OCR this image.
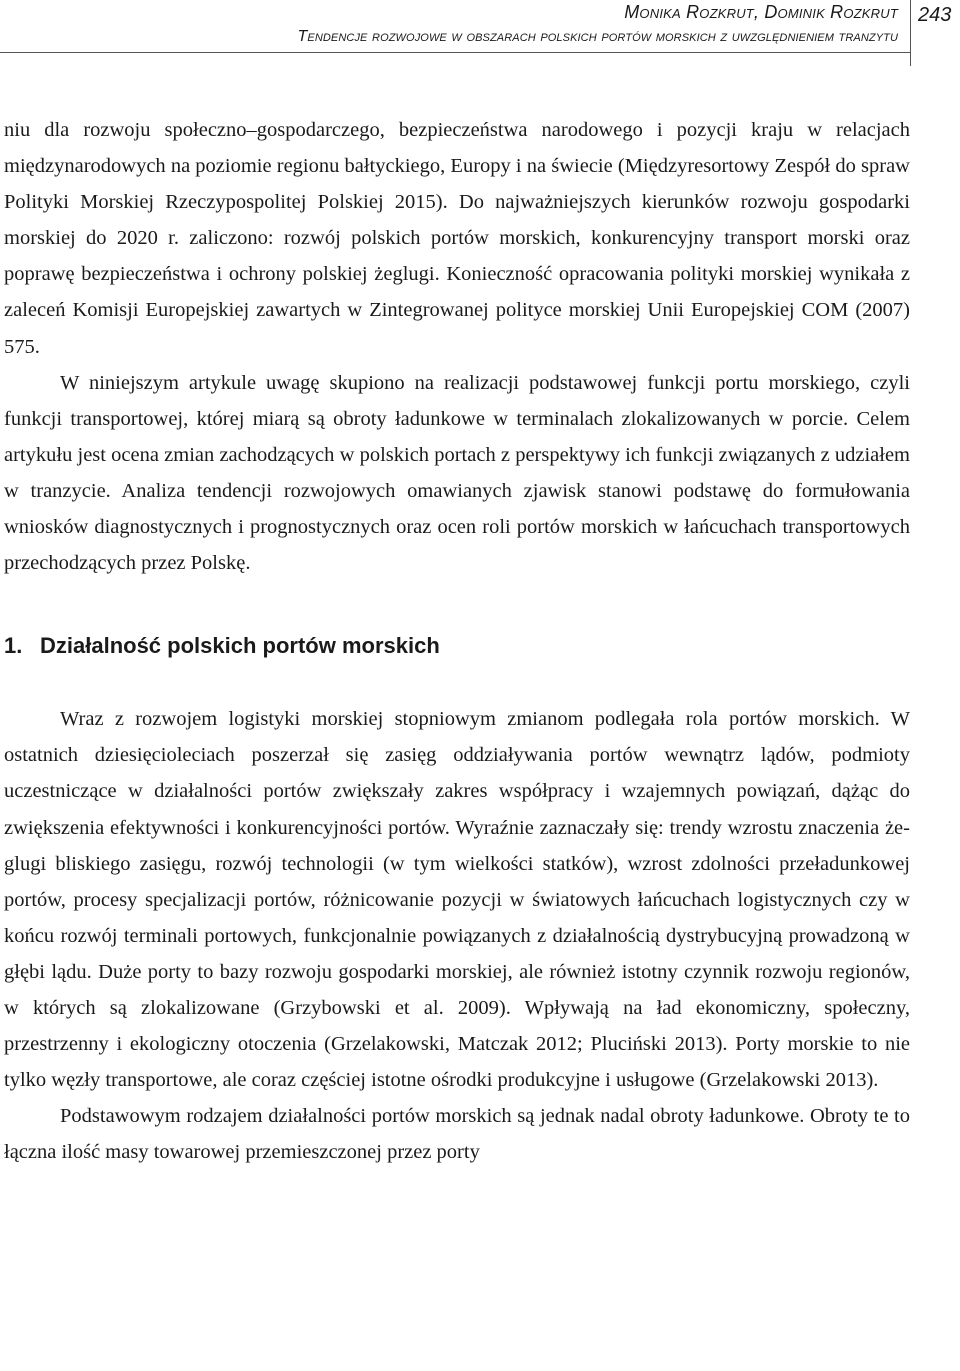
Monika Rozkrut, Dominik Rozkrut
Tendencje rozwojowe w obszarach polskich portów morskich z uwzględnieniem tranzytu
243

niu dla rozwoju społeczno–gospodarczego, bezpieczeństwa narodowego i pozycji kraju w relacjach międzynarodowych na poziomie regionu bałtyckiego, Europy i na świecie (Międzyresortowy Zespół do spraw Polityki Morskiej Rzeczypospolitej Polskiej 2015). Do najważniejszych kierunków rozwoju gospodarki morskiej do 2020 r. zaliczono: rozwój polskich portów morskich, konkurencyjny transport morski oraz poprawę bezpieczeństwa i ochrony polskiej żeglugi. Konieczność opracowania polityki morskiej wynikała z zaleceń Komisji Europejskiej zawartych w Zintegrowanej polityce morskiej Unii Europejskiej COM (2007) 575.

W niniejszym artykule uwagę skupiono na realizacji podstawowej funkcji portu morskiego, czyli funkcji transportowej, której miarą są obroty ładunkowe w terminalach zlokalizowanych w porcie. Celem artykułu jest ocena zmian zachodzących w polskich portach z perspektywy ich funkcji związanych z udziałem w tranzycie. Analiza tendencji rozwojowych omawianych zjawisk stanowi podstawę do formułowania wniosków diagnostycznych i prognostycznych oraz ocen roli portów morskich w łańcuchach transportowych przechodzących przez Polskę.

1. Działalność polskich portów morskich

Wraz z rozwojem logistyki morskiej stopniowym zmianom podlegała rola portów morskich. W ostatnich dziesięcioleciach poszerzał się zasięg oddziaływania portów wewnątrz lądów, podmioty uczestniczące w działalności portów zwiększały zakres współpracy i wzajemnych powiązań, dążąc do zwiększenia efektywności i konkurencyjności portów. Wyraźnie zaznaczały się: trendy wzrostu znaczenia żeglugi bliskiego zasięgu, rozwój technologii (w tym wielkości statków), wzrost zdolności przeładunkowej portów, procesy specjalizacji portów, różnicowanie pozycji w światowych łańcuchach logistycznych czy w końcu rozwój terminali portowych, funkcjonalnie powiązanych z działalnością dystrybucyjną prowadzoną w głębi lądu. Duże porty to bazy rozwoju gospodarki morskiej, ale również istotny czynnik rozwoju regionów, w których są zlokalizowane (Grzybowski et al. 2009). Wpływają na ład ekonomiczny, społeczny, przestrzenny i ekologiczny otoczenia (Grzelakowski, Matczak 2012; Pluciński 2013). Porty morskie to nie tylko węzły transportowe, ale coraz częściej istotne ośrodki produkcyjne i usługowe (Grzelakowski 2013).

Podstawowym rodzajem działalności portów morskich są jednak nadal obroty ładunkowe. Obroty te to łączna ilość masy towarowej przemieszczonej przez porty
